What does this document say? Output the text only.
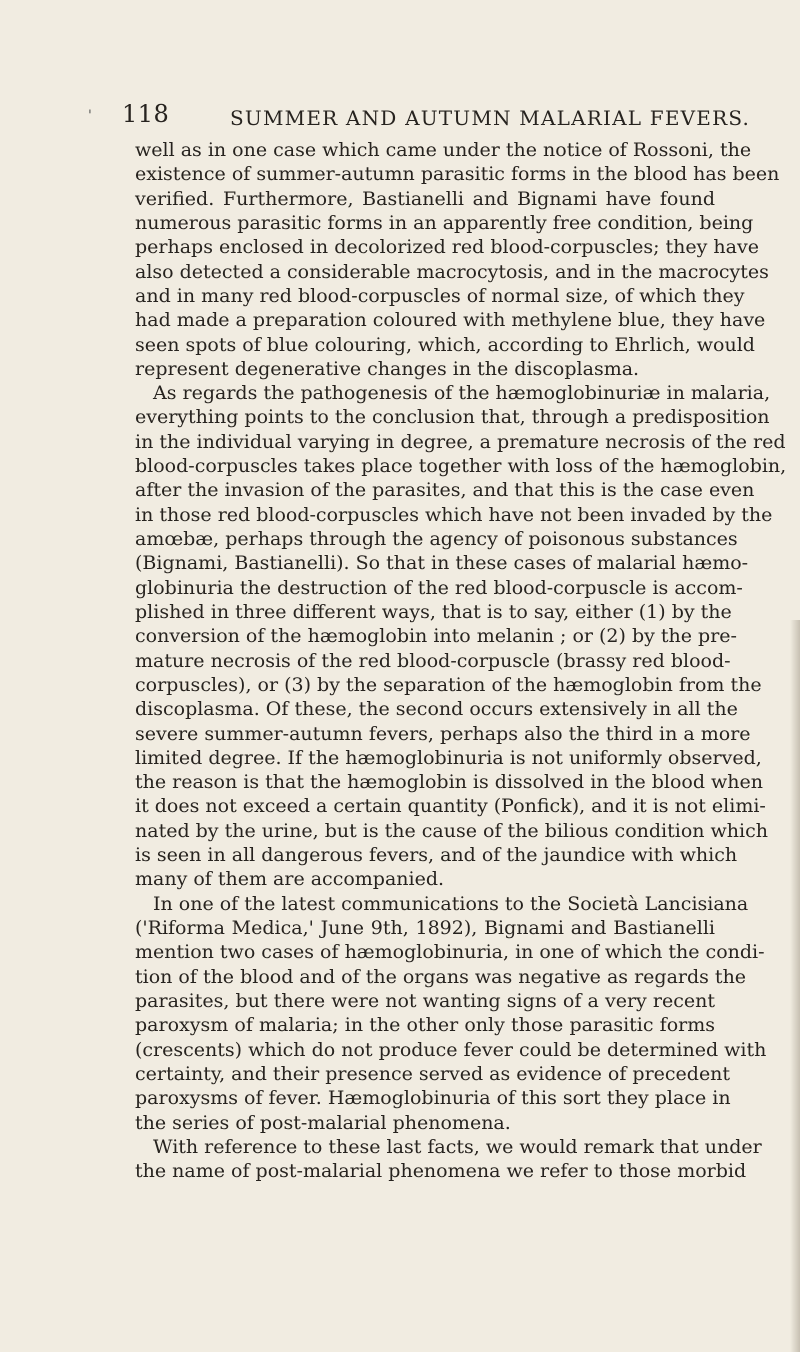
' 118	SUMMER AND AUTUMN MALARIAL FEVERS.
well as in one case which came under the notice of Rossoni, the
existence of summer-autumn parasitic forms in the blood has been
verified. Furthermore, Bastianelli and Bignami have found
numerous parasitic forms in an apparently free condition, being
perhaps enclosed in decolorized red blood-corpuscles; they have
also detected a considerable macrocytosis, and in the macrocytes
and in many red blood-corpuscles of normal size, of which they
had made a preparation coloured with methylene blue, they have
seen spots of blue colouring, which, according to Ehrlich, would
represent degenerative changes in the discoplasma.
As regards the pathogenesis of the hæmoglobinuriæ in malaria,
everything points to the conclusion that, through a predisposition
in the individual varying in degree, a premature necrosis of the red
blood-corpuscles takes place together with loss of the hæmoglobin,
after the invasion of the parasites, and that this is the case even
in those red blood-corpuscles which have not been invaded by the
amœbæ, perhaps through the agency of poisonous substances
(Bignami, Bastianelli). So that in these cases of malarial hæmo-
globinuria the destruction of the red blood-corpuscle is accom-
plished in three different ways, that is to say, either (1) by the
conversion of the hæmoglobin into melanin ; or (2) by the pre-
mature necrosis of the red blood-corpuscle (brassy red blood-
corpuscles), or (3) by the separation of the hæmoglobin from the
discoplasma. Of these, the second occurs extensively in all the
severe summer-autumn fevers, perhaps also the third in a more
limited degree. If the hæmoglobinuria is not uniformly observed,
the reason is that the hæmoglobin is dissolved in the blood when
it does not exceed a certain quantity (Ponfick), and it is not elimi-
nated by the urine, but is the cause of the bilious condition which
is seen in all dangerous fevers, and of the jaundice with which
many of them are accompanied.
In one of the latest communications to the Società Lancisiana
('Riforma Medica,' June 9th, 1892), Bignami and Bastianelli
mention two cases of hæmoglobinuria, in one of which the condi-
tion of the blood and of the organs was negative as regards the
parasites, but there were not wanting signs of a very recent
paroxysm of malaria; in the other only those parasitic forms
(crescents) which do not produce fever could be determined with
certainty, and their presence served as evidence of precedent
paroxysms of fever. Hæmoglobinuria of this sort they place in
the series of post-malarial phenomena.
With reference to these last facts, we would remark that under
the name of post-malarial phenomena we refer to those morbid
